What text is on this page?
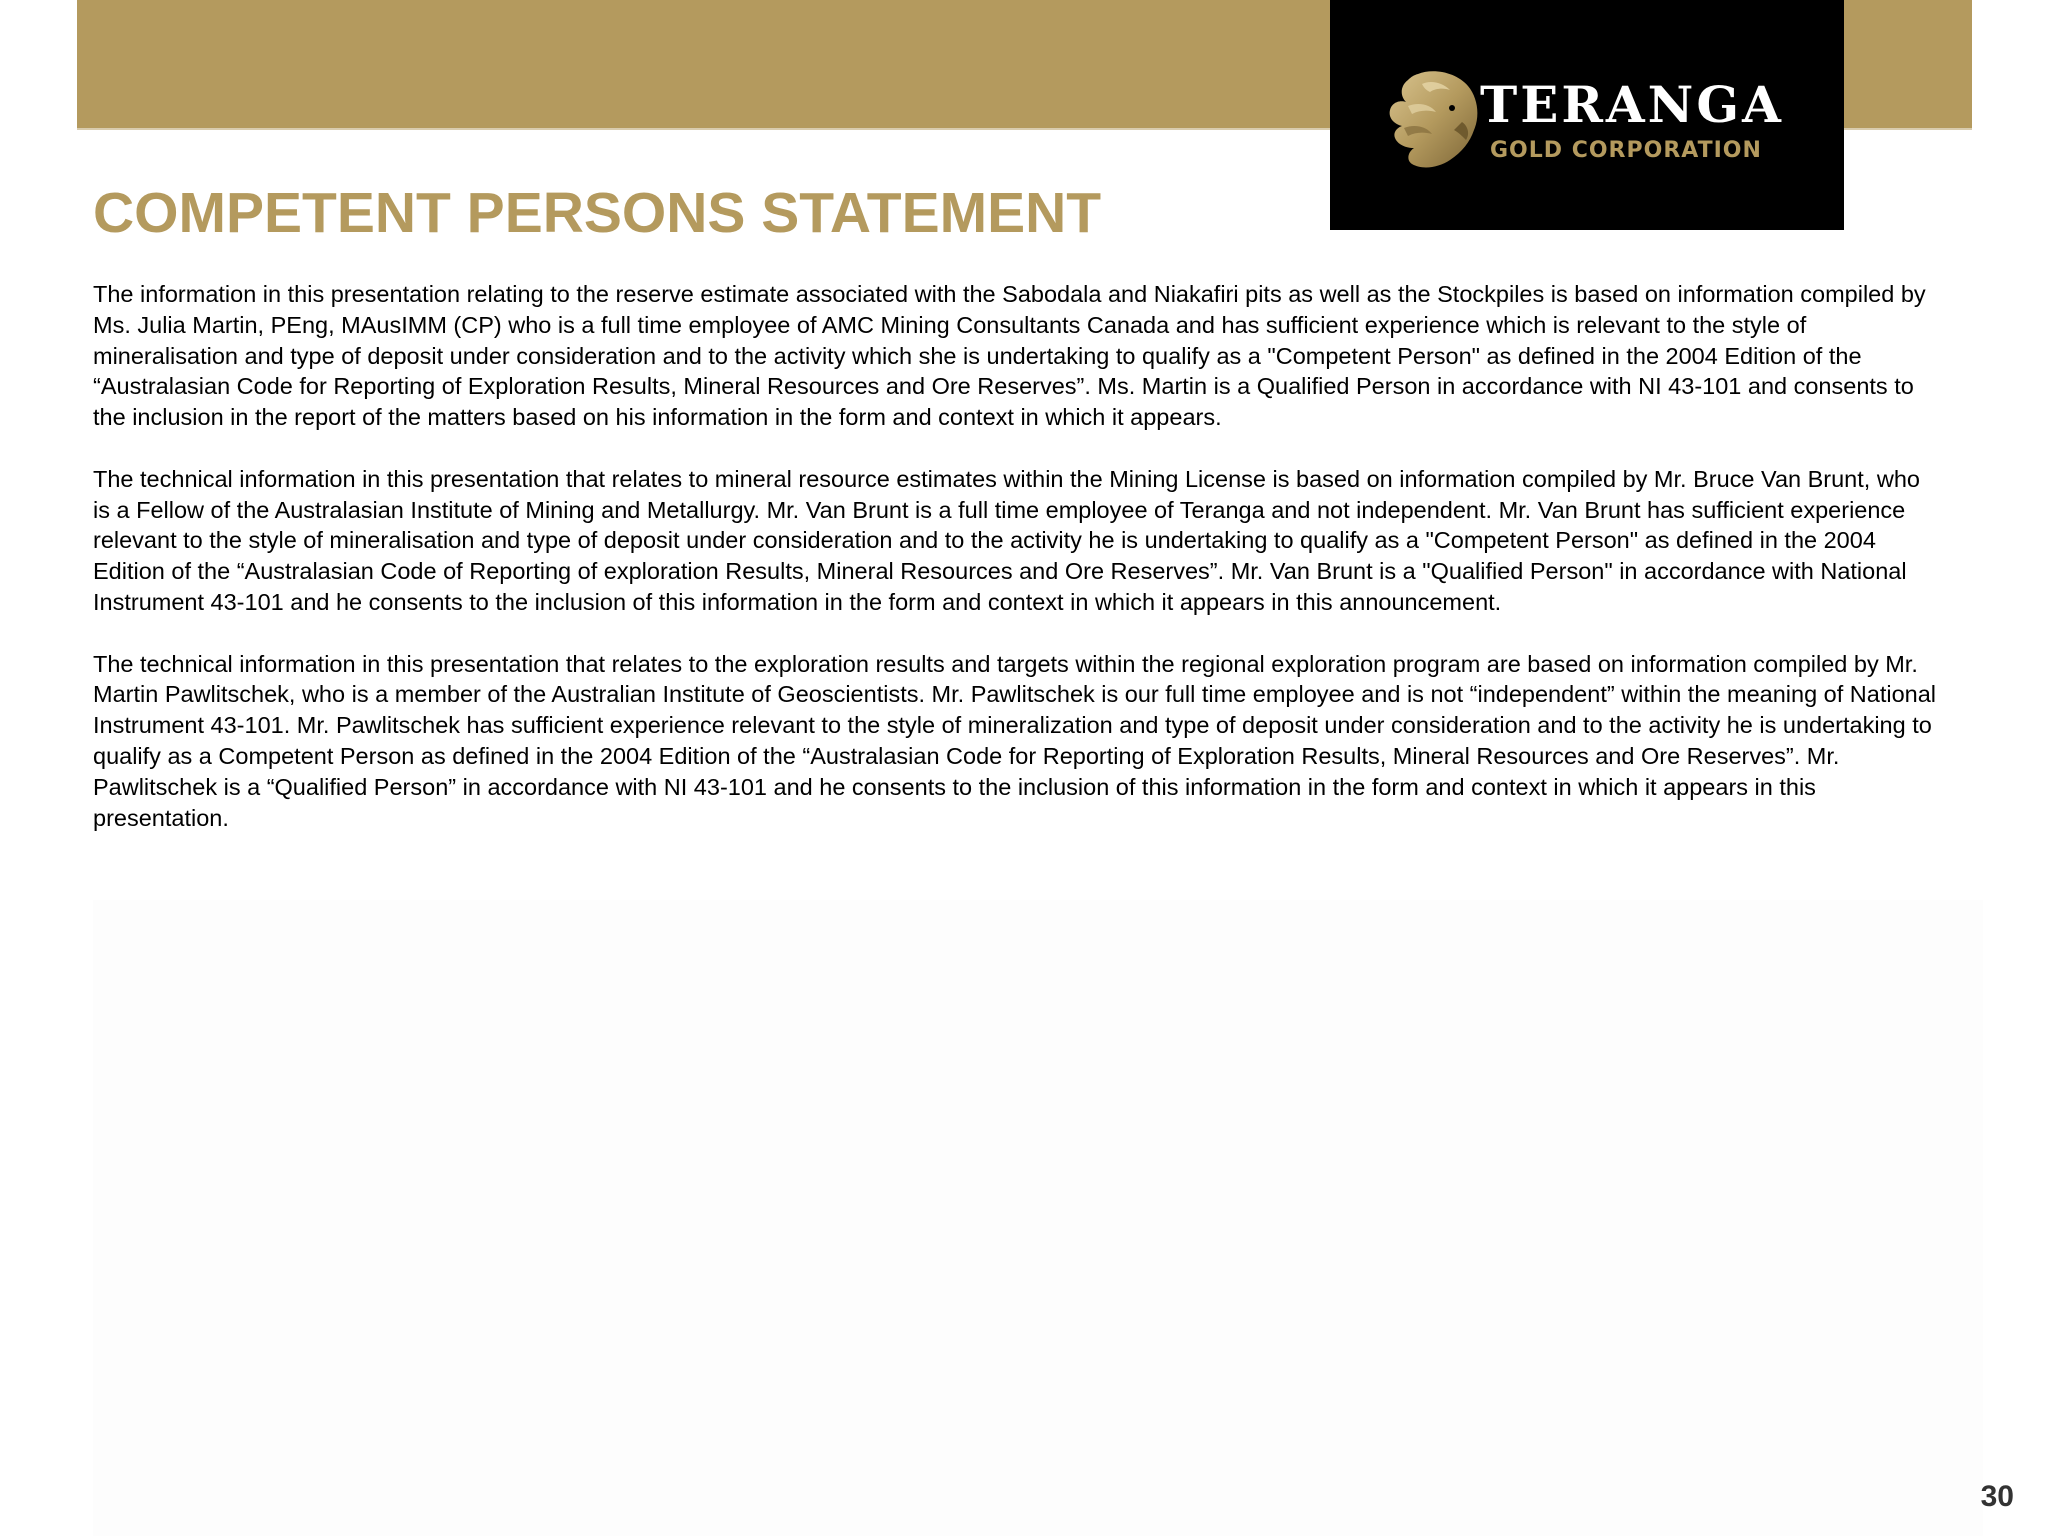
TERANGA
GOLD CORPORATION
COMPETENT PERSONS STATEMENT

The information in this presentation relating to the reserve estimate associated with the Sabodala and Niakafiri pits as well as the Stockpiles is based on information compiled by Ms. Julia Martin, PEng, MAusIMM (CP) who is a full time employee of AMC Mining Consultants Canada and has sufficient experience which is relevant to the style of mineralisation and type of deposit under consideration and to the activity which she is undertaking to qualify as a "Competent Person" as defined in the 2004 Edition of the “Australasian Code for Reporting of Exploration Results, Mineral Resources and Ore Reserves”. Ms. Martin is a Qualified Person in accordance with NI 43-101 and consents to the inclusion in the report of the matters based on his information in the form and context in which it appears.

The technical information in this presentation that relates to mineral resource estimates within the Mining License is based on information compiled by Mr. Bruce Van Brunt, who is a Fellow of the Australasian Institute of Mining and Metallurgy. Mr. Van Brunt is a full time employee of Teranga and not independent. Mr. Van Brunt has sufficient experience relevant to the style of mineralisation and type of deposit under consideration and to the activity he is undertaking to qualify as a "Competent Person" as defined in the 2004 Edition of the “Australasian Code of Reporting of exploration Results, Mineral Resources and Ore Reserves”. Mr. Van Brunt is a "Qualified Person" in accordance with National Instrument 43-101 and he consents to the inclusion of this information in the form and context in which it appears in this announcement.

The technical information in this presentation that relates to the exploration results and targets within the regional exploration program are based on information compiled by Mr. Martin Pawlitschek, who is a member of the Australian Institute of Geoscientists. Mr. Pawlitschek is our full time employee and is not “independent” within the meaning of National Instrument 43-101. Mr. Pawlitschek has sufficient experience relevant to the style of mineralization and type of deposit under consideration and to the activity he is undertaking to qualify as a Competent Person as defined in the 2004 Edition of the “Australasian Code for Reporting of Exploration Results, Mineral Resources and Ore Reserves”. Mr. Pawlitschek is a “Qualified Person” in accordance with NI 43-101 and he consents to the inclusion of this information in the form and context in which it appears in this presentation.

30
